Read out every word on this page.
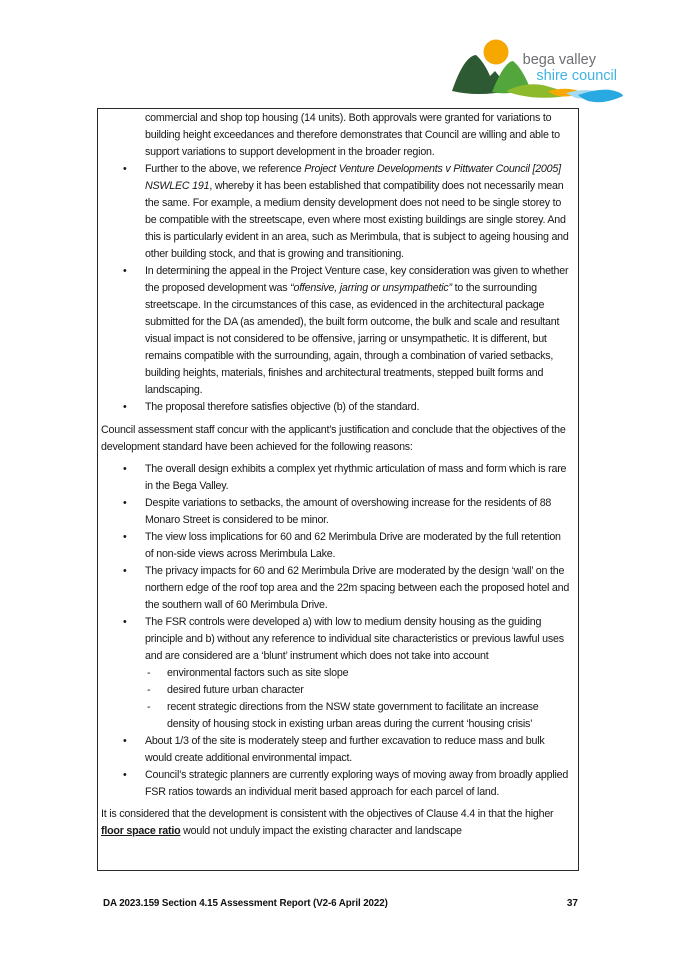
bega valley
shire council
commercial and shop top housing (14 units). Both approvals were granted for variations to building height exceedances and therefore demonstrates that Council are willing and able to support variations to support development in the broader region.
• Further to the above, we reference Project Venture Developments v Pittwater Council [2005] NSWLEC 191, whereby it has been established that compatibility does not necessarily mean the same. For example, a medium density development does not need to be single storey to be compatible with the streetscape, even where most existing buildings are single storey. And this is particularly evident in an area, such as Merimbula, that is subject to ageing housing and other building stock, and that is growing and transitioning.
• In determining the appeal in the Project Venture case, key consideration was given to whether the proposed development was “offensive, jarring or unsympathetic” to the surrounding streetscape. In the circumstances of this case, as evidenced in the architectural package submitted for the DA (as amended), the built form outcome, the bulk and scale and resultant visual impact is not considered to be offensive, jarring or unsympathetic. It is different, but remains compatible with the surrounding, again, through a combination of varied setbacks, building heights, materials, finishes and architectural treatments, stepped built forms and landscaping.
• The proposal therefore satisfies objective (b) of the standard.
Council assessment staff concur with the applicant’s justification and conclude that the objectives of the development standard have been achieved for the following reasons:
• The overall design exhibits a complex yet rhythmic articulation of mass and form which is rare in the Bega Valley.
• Despite variations to setbacks, the amount of overshowing increase for the residents of 88 Monaro Street is considered to be minor.
• The view loss implications for 60 and 62 Merimbula Drive are moderated by the full retention of non-side views across Merimbula Lake.
• The privacy impacts for 60 and 62 Merimbula Drive are moderated by the design ‘wall’ on the northern edge of the roof top area and the 22m spacing between each the proposed hotel and the southern wall of 60 Merimbula Drive.
• The FSR controls were developed a) with low to medium density housing as the guiding principle and b) without any reference to individual site characteristics or previous lawful uses and are considered are a ‘blunt’ instrument which does not take into account
- environmental factors such as site slope
- desired future urban character
- recent strategic directions from the NSW state government to facilitate an increase density of housing stock in existing urban areas during the current ‘housing crisis’
• About 1/3 of the site is moderately steep and further excavation to reduce mass and bulk would create additional environmental impact.
• Council’s strategic planners are currently exploring ways of moving away from broadly applied FSR ratios towards an individual merit based approach for each parcel of land.
It is considered that the development is consistent with the objectives of Clause 4.4 in that the higher floor space ratio would not unduly impact the existing character and landscape
DA 2023.159 Section 4.15 Assessment Report (V2-6 April 2022)	37
